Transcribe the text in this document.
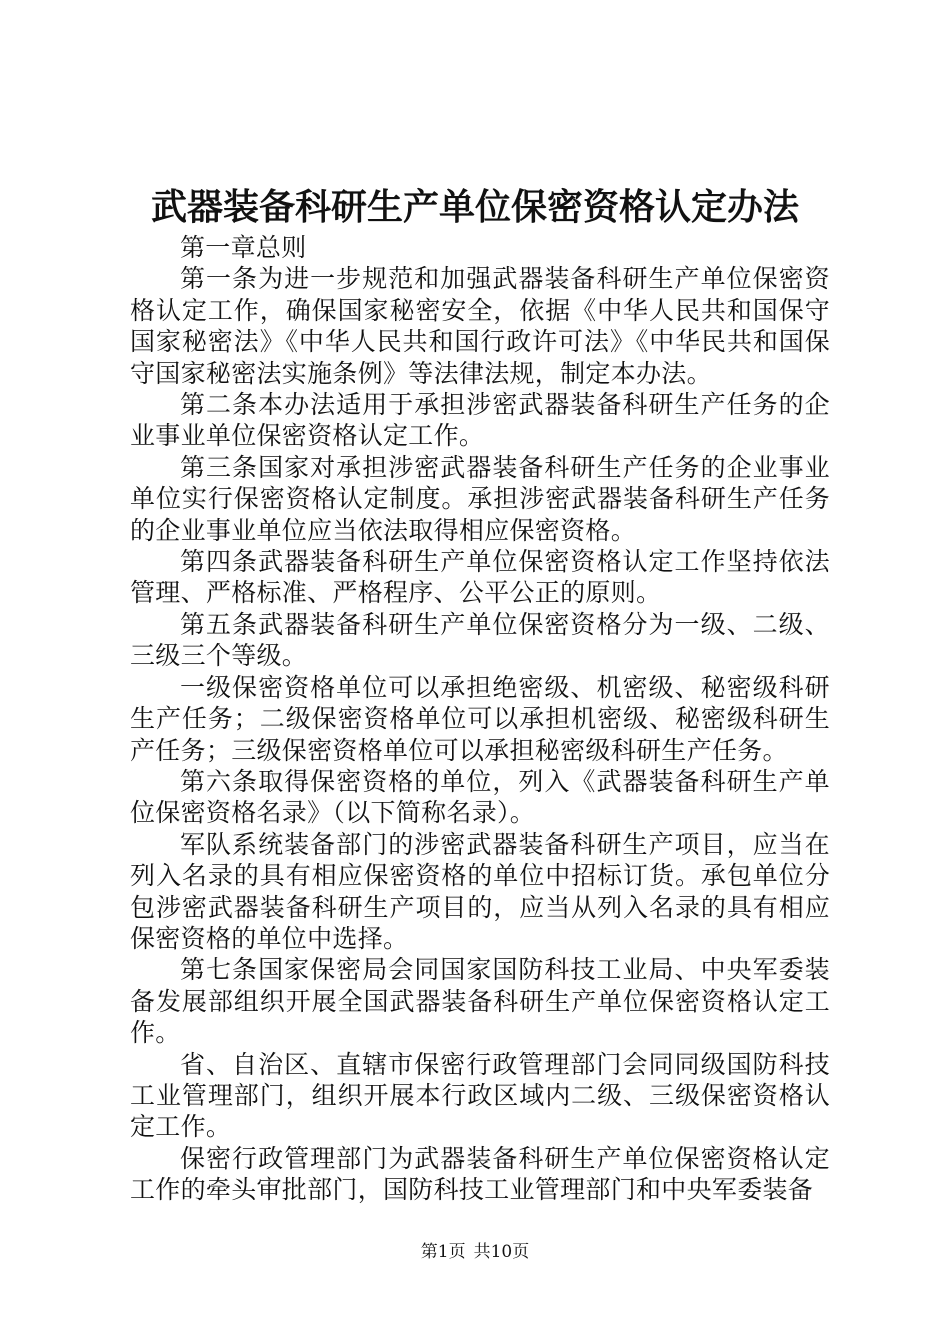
武器装备科研生产单位保密资格认定办法

第一章总则

第一条为进一步规范和加强武器装备科研生产单位保密资格认定工作，确保国家秘密安全，依据《中华人民共和国保守国家秘密法》《中华人民共和国行政许可法》《中华民共和国保守国家秘密法实施条例》等法律法规，制定本办法。

第二条本办法适用于承担涉密武器装备科研生产任务的企业事业单位保密资格认定工作。

第三条国家对承担涉密武器装备科研生产任务的企业事业单位实行保密资格认定制度。承担涉密武器装备科研生产任务的企业事业单位应当依法取得相应保密资格。

第四条武器装备科研生产单位保密资格认定工作坚持依法管理、严格标准、严格程序、公平公正的原则。

第五条武器装备科研生产单位保密资格分为一级、二级、三级三个等级。

一级保密资格单位可以承担绝密级、机密级、秘密级科研生产任务；二级保密资格单位可以承担机密级、秘密级科研生产任务；三级保密资格单位可以承担秘密级科研生产任务。

第六条取得保密资格的单位，列入《武器装备科研生产单位保密资格名录》（以下简称名录）。

军队系统装备部门的涉密武器装备科研生产项目，应当在列入名录的具有相应保密资格的单位中招标订货。承包单位分包涉密武器装备科研生产项目的，应当从列入名录的具有相应保密资格的单位中选择。

第七条国家保密局会同国家国防科技工业局、中央军委装备发展部组织开展全国武器装备科研生产单位保密资格认定工作。

省、自治区、直辖市保密行政管理部门会同同级国防科技工业管理部门，组织开展本行政区域内二级、三级保密资格认定工作。

保密行政管理部门为武器装备科研生产单位保密资格认定工作的牵头审批部门，国防科技工业管理部门和中央军委装备

第1页 共10页
